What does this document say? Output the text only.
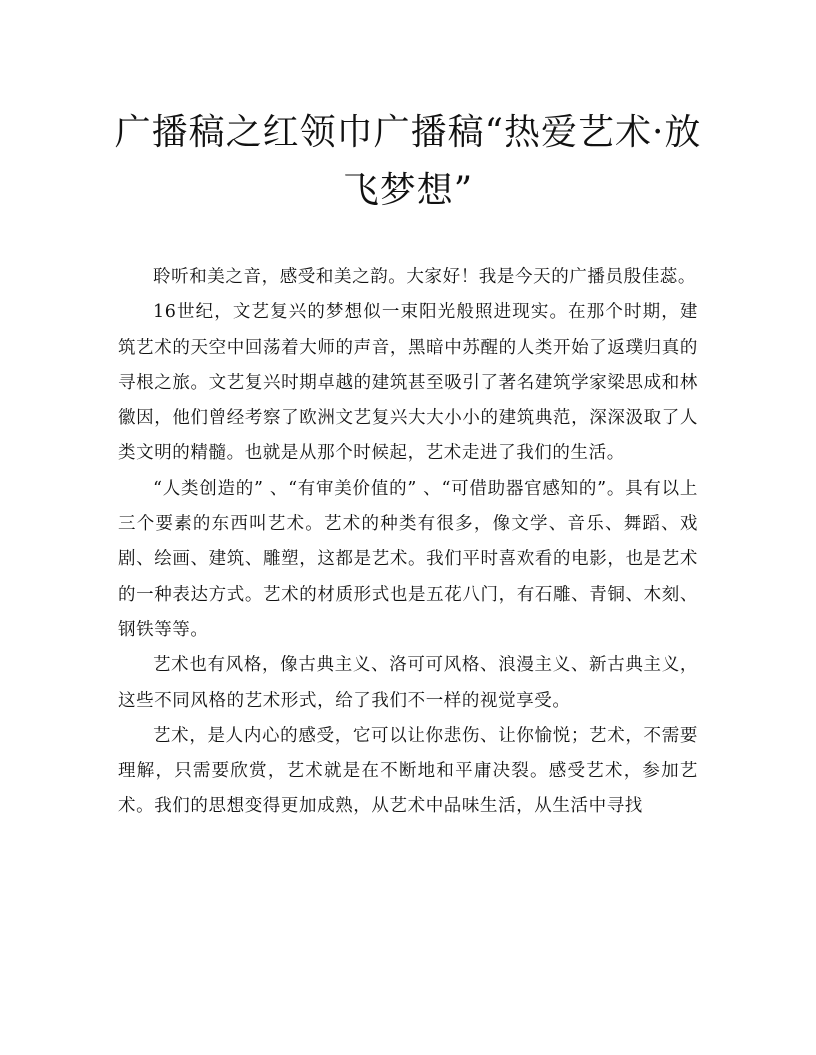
广播稿之红领巾广播稿“热爱艺术·放飞梦想”

聆听和美之音，感受和美之韵。大家好！我是今天的广播员殷佳蕊。

16世纪，文艺复兴的梦想似一束阳光般照进现实。在那个时期，建筑艺术的天空中回荡着大师的声音，黑暗中苏醒的人类开始了返璞归真的寻根之旅。文艺复兴时期卓越的建筑甚至吸引了著名建筑学家梁思成和林徽因，他们曾经考察了欧洲文艺复兴大大小小的建筑典范，深深汲取了人类文明的精髓。也就是从那个时候起，艺术走进了我们的生活。

“人类创造的” 、“有审美价值的” 、“可借助器官感知的”。具有以上三个要素的东西叫艺术。艺术的种类有很多，像文学、音乐、舞蹈、戏剧、绘画、建筑、雕塑，这都是艺术。我们平时喜欢看的电影，也是艺术的一种表达方式。艺术的材质形式也是五花八门，有石雕、青铜、木刻、钢铁等等。

艺术也有风格，像古典主义、洛可可风格、浪漫主义、新古典主义，这些不同风格的艺术形式，给了我们不一样的视觉享受。

艺术，是人内心的感受，它可以让你悲伤、让你愉悦；艺术，不需要理解，只需要欣赏，艺术就是在不断地和平庸决裂。感受艺术，参加艺术。我们的思想变得更加成熟，从艺术中品味生活，从生活中寻找
